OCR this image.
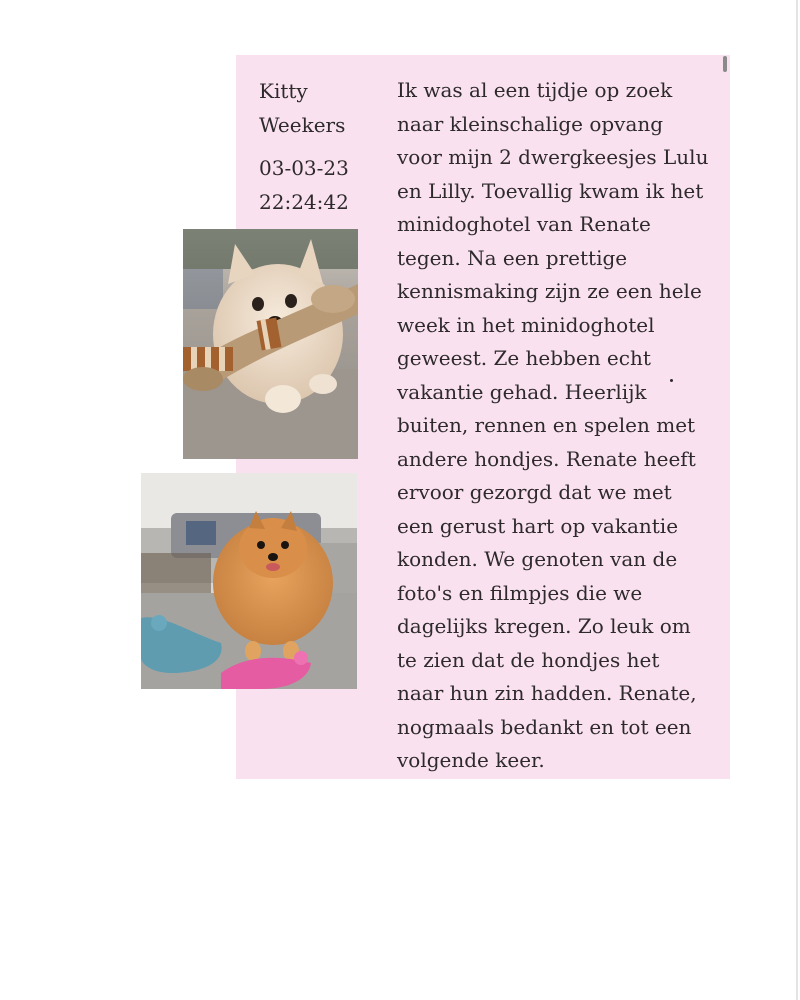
Kitty
Weekers
03-03-23
22:24:42
Ik was al een tijdje op zoek naar kleinschalige opvang voor mijn 2 dwergkeesjes Lulu en Lilly. Toevallig kwam ik het minidoghotel van Renate tegen. Na een prettige kennismaking zijn ze een hele week in het minidoghotel geweest. Ze hebben echt vakantie gehad. Heerlijk buiten, rennen en spelen met andere hondjes. Renate heeft ervoor gezorgd dat we met een gerust hart op vakantie konden. We genoten van de foto's en filmpjes die we dagelijks kregen. Zo leuk om te zien dat de hondjes het naar hun zin hadden. Renate, nogmaals bedankt en tot een volgende keer.
